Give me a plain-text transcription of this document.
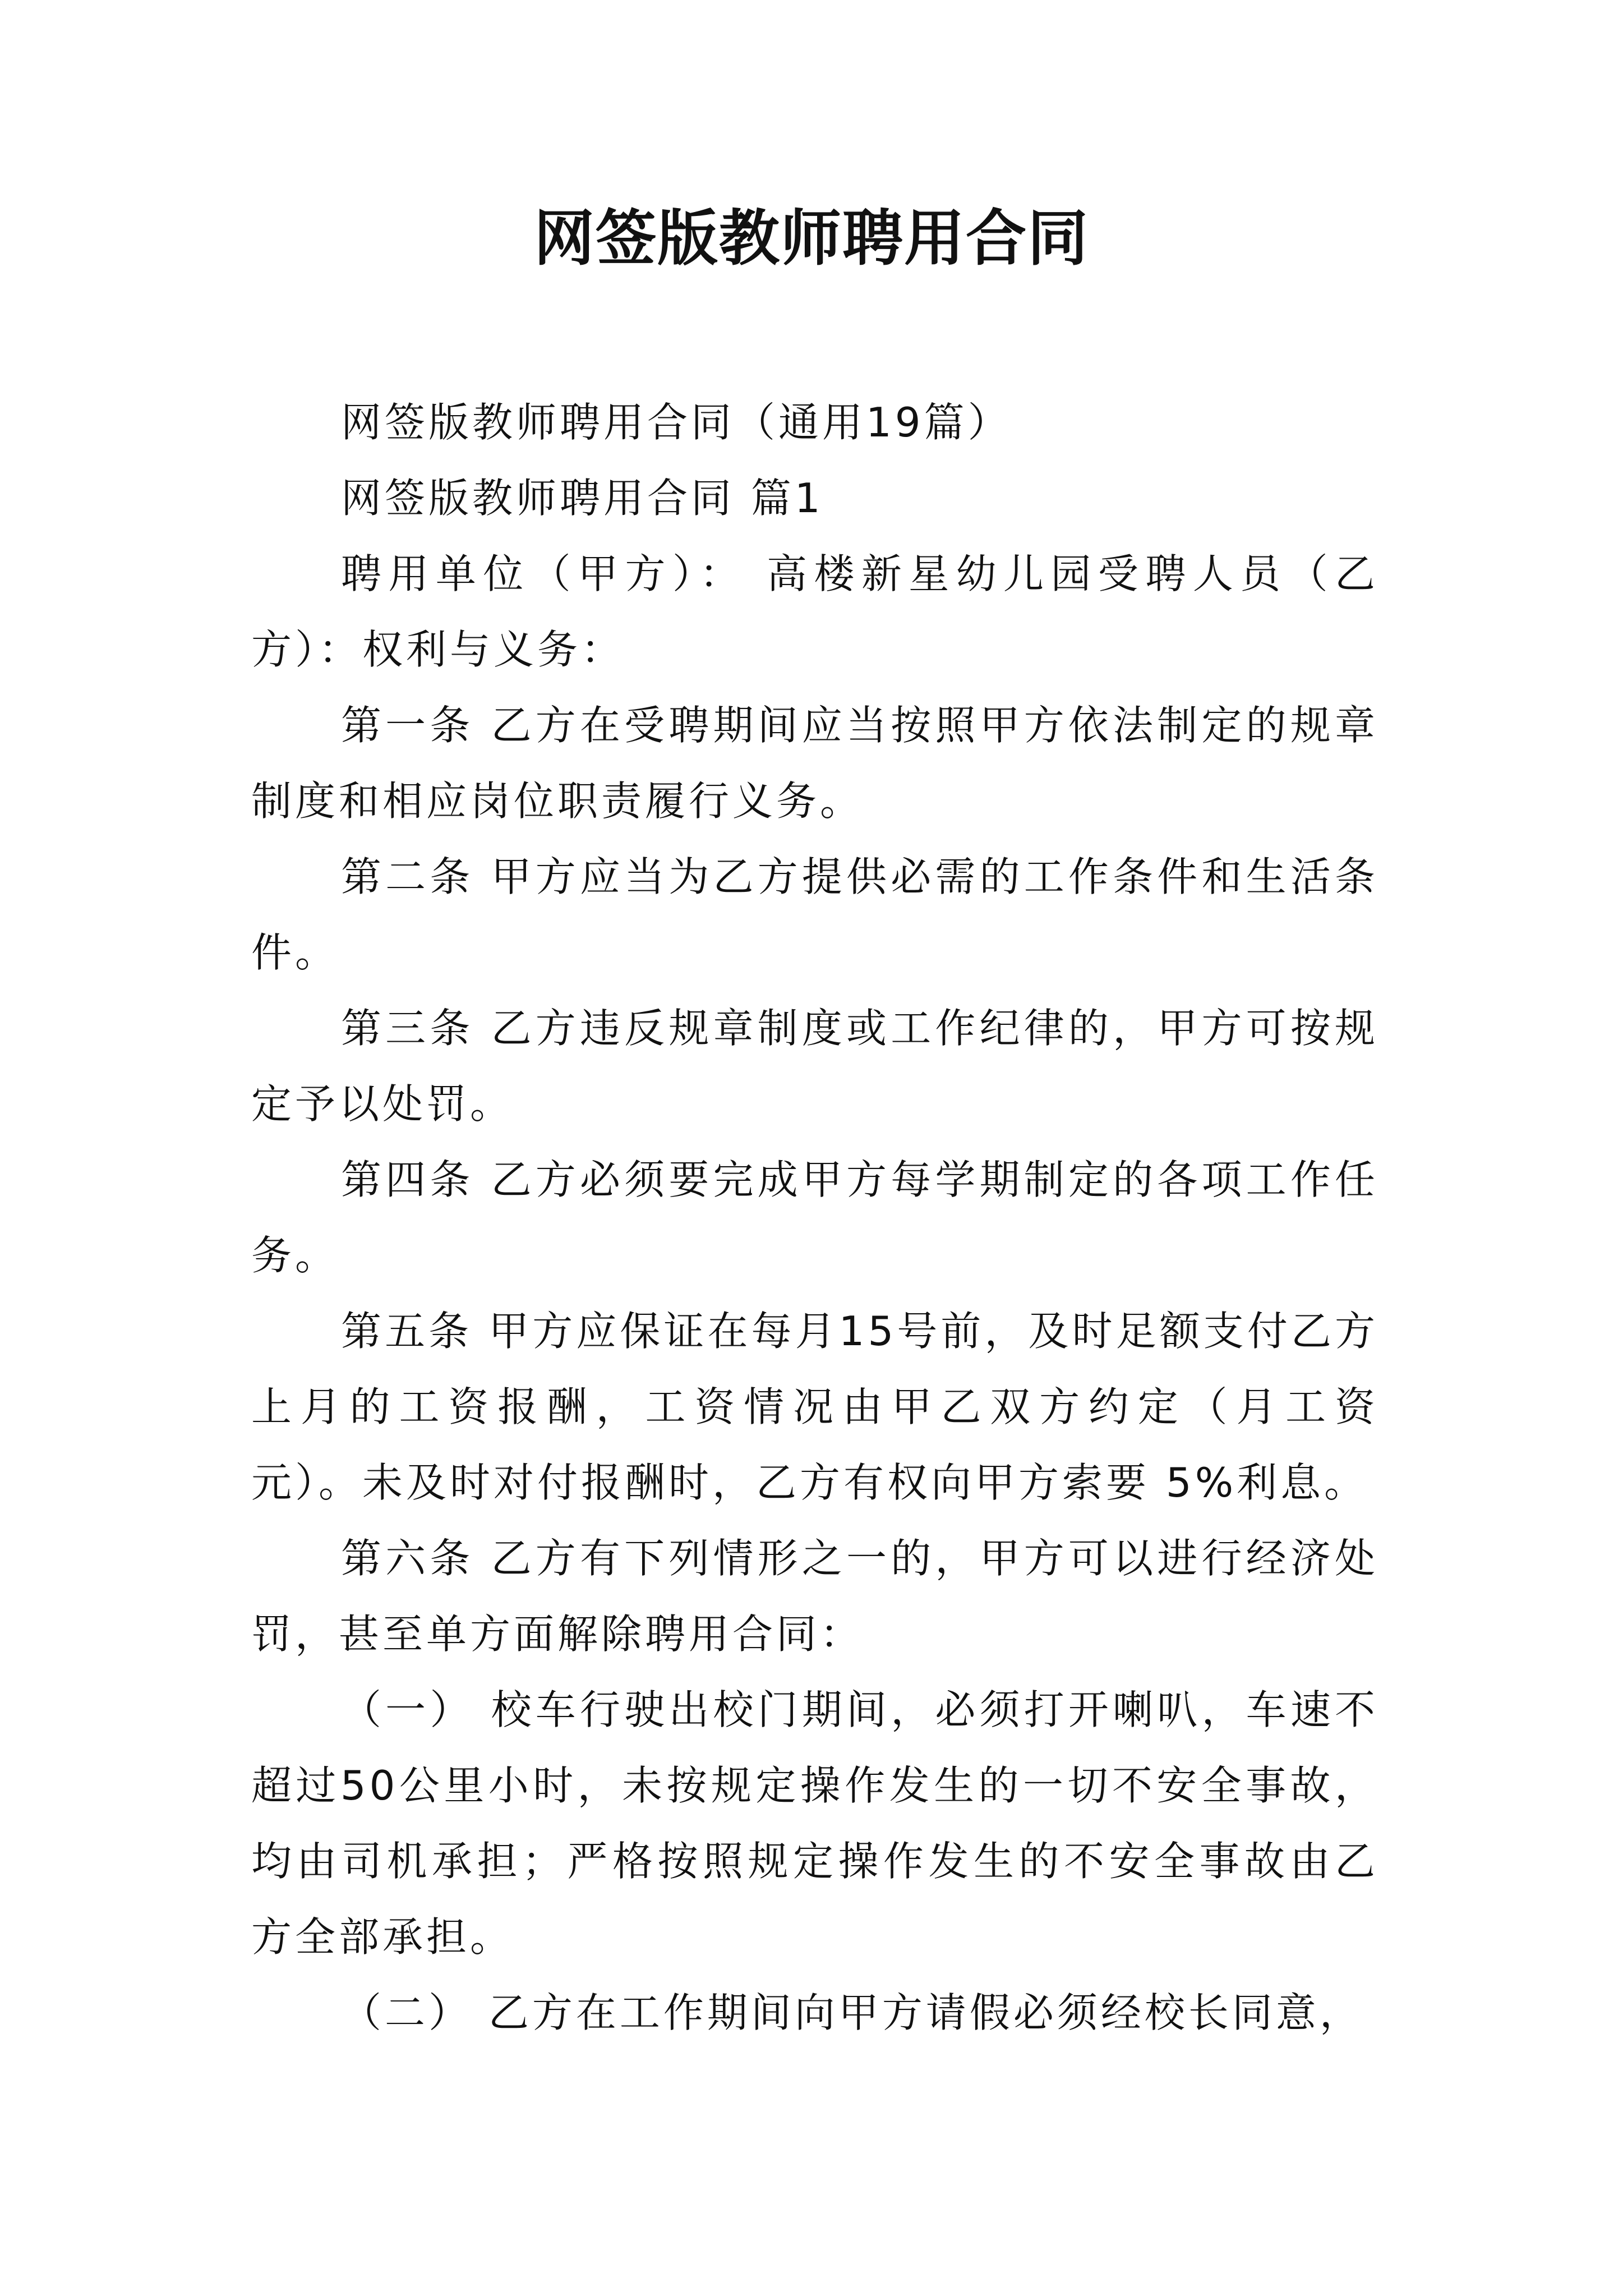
网签版教师聘用合同

网签版教师聘用合同（通用19篇）

网签版教师聘用合同 篇1

聘用单位（甲方）： 高楼新星幼儿园受聘人员（乙方）：权利与义务：

第一条 乙方在受聘期间应当按照甲方依法制定的规章制度和相应岗位职责履行义务。

第二条 甲方应当为乙方提供必需的工作条件和生活条件。

第三条 乙方违反规章制度或工作纪律的，甲方可按规定予以处罚。

第四条 乙方必须要完成甲方每学期制定的各项工作任务。

第五条 甲方应保证在每月15号前，及时足额支付乙方上月的工资报酬，工资情况由甲乙双方约定（月工资 元）。未及时对付报酬时，乙方有权向甲方索要 5%利息。

第六条 乙方有下列情形之一的，甲方可以进行经济处罚，甚至单方面解除聘用合同：

（一） 校车行驶出校门期间，必须打开喇叭，车速不超过50公里小时，未按规定操作发生的一切不安全事故，均由司机承担；严格按照规定操作发生的不安全事故由乙方全部承担。

（二） 乙方在工作期间向甲方请假必须经校长同意，
